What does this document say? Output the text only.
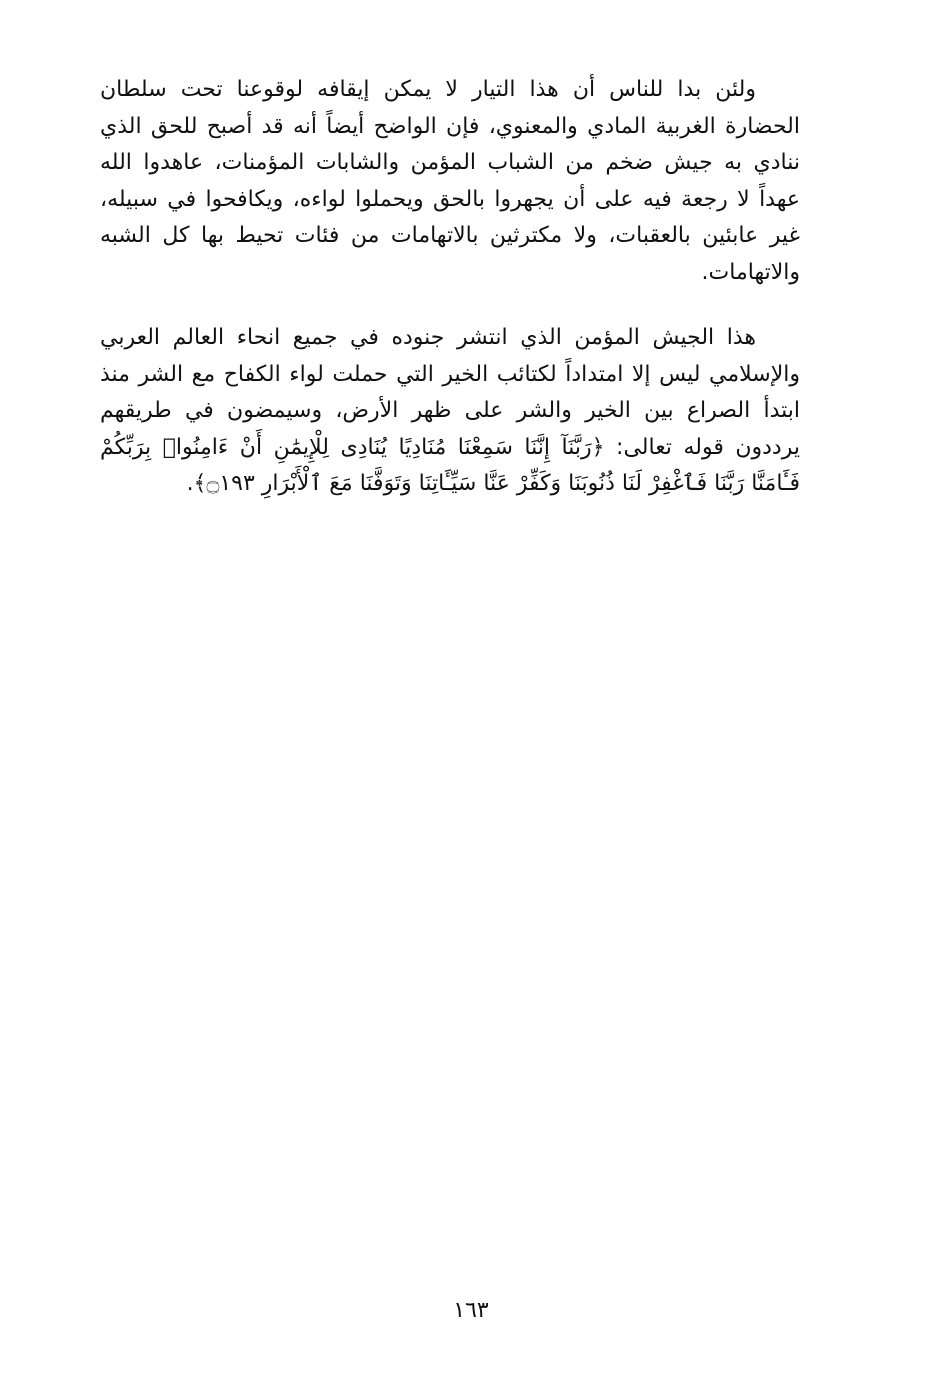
ولئن بدا للناس أن هذا التيار لا يمكن إيقافه لوقوعنا تحت سلطان الحضارة الغربية المادي والمعنوي، فإن الواضح أيضاً أنه قد أصبح للحق الذي ننادي به جيش ضخم من الشباب المؤمن والشابات المؤمنات، عاهدوا الله عهداً لا رجعة فيه على أن يجهروا بالحق ويحملوا لواءه، ويكافحوا في سبيله، غير عابئين بالعقبات، ولا مكترثين بالاتهامات من فئات تحيط بها كل الشبه والاتهامات.

هذا الجيش المؤمن الذي انتشر جنوده في جميع انحاء العالم العربي والإسلامي ليس إلا امتداداً لكتائب الخير التي حملت لواء الكفاح مع الشر منذ ابتدأ الصراع بين الخير والشر على ظهر الأرض، وسيمضون في طريقهم يرددون قوله تعالى: ﴿رَبَّنَآ إِنَّنَا سَمِعْنَا مُنَادِيًا يُنَادِى لِلْإِيمَٰنِ أَنْ ءَامِنُوا۟ بِرَبِّكُمْ فَـَٔامَنَّا رَبَّنَا فَٱغْفِرْ لَنَا ذُنُوبَنَا وَكَفِّرْ عَنَّا سَيِّـَٔاتِنَا وَتَوَفَّنَا مَعَ ٱلْأَبْرَارِ ۝١٩٣﴾.

١٦٣
